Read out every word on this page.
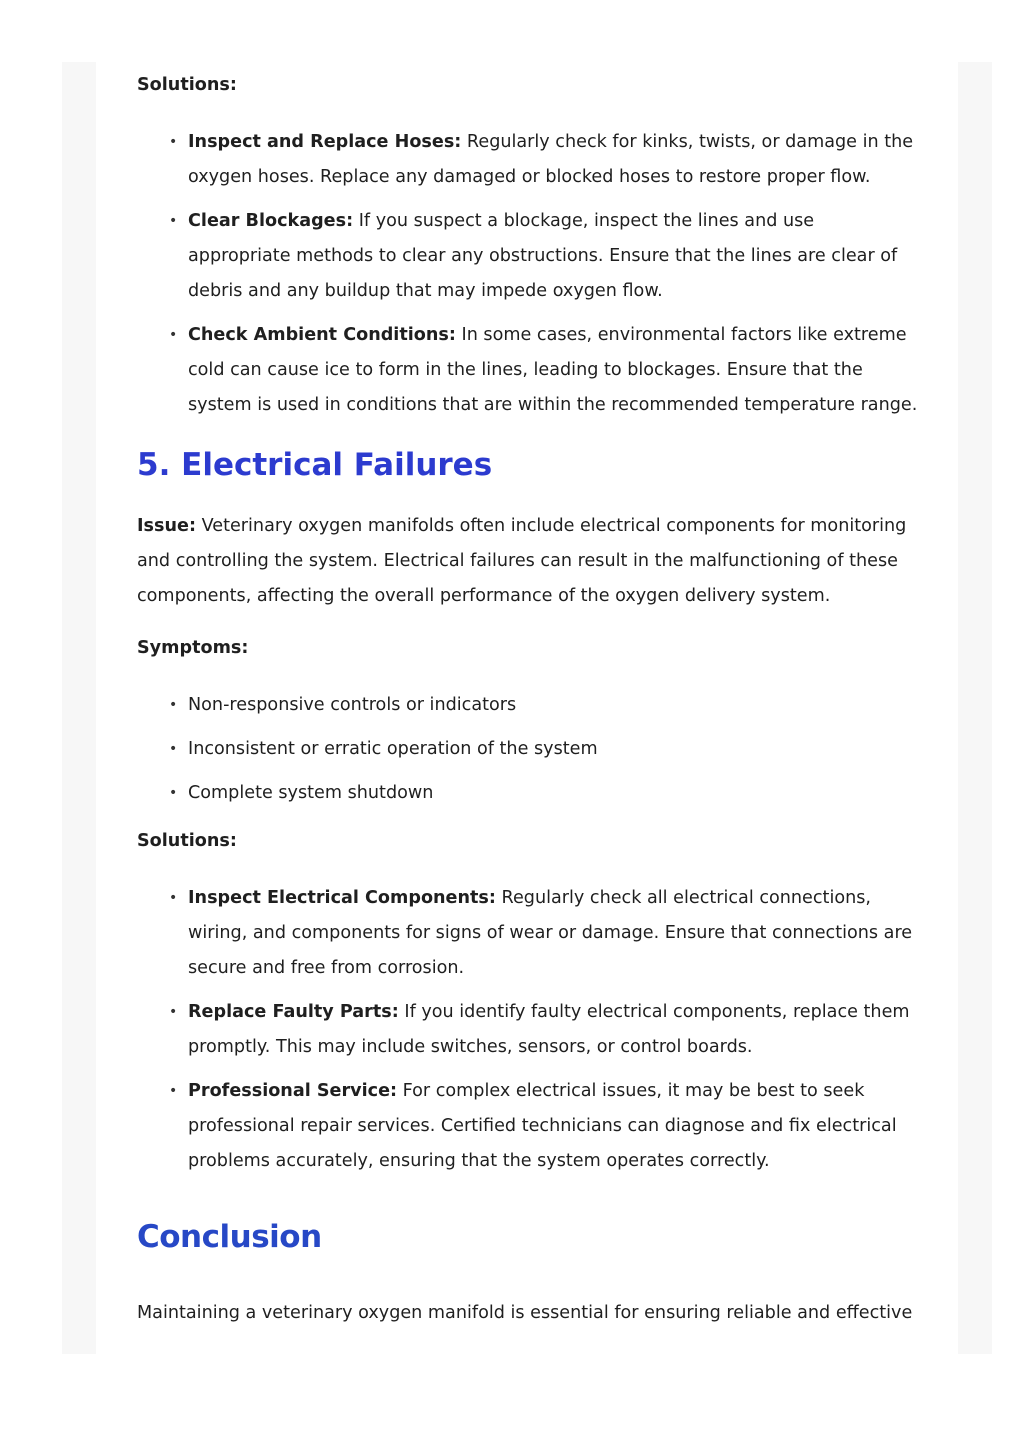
Solutions:

• Inspect and Replace Hoses: Regularly check for kinks, twists, or damage in the oxygen hoses. Replace any damaged or blocked hoses to restore proper flow.
• Clear Blockages: If you suspect a blockage, inspect the lines and use appropriate methods to clear any obstructions. Ensure that the lines are clear of debris and any buildup that may impede oxygen flow.
• Check Ambient Conditions: In some cases, environmental factors like extreme cold can cause ice to form in the lines, leading to blockages. Ensure that the system is used in conditions that are within the recommended temperature range.
5. Electrical Failures

Issue: Veterinary oxygen manifolds often include electrical components for monitoring and controlling the system. Electrical failures can result in the malfunctioning of these components, affecting the overall performance of the oxygen delivery system.

Symptoms:

• Non-responsive controls or indicators
• Inconsistent or erratic operation of the system
• Complete system shutdown

Solutions:

• Inspect Electrical Components: Regularly check all electrical connections, wiring, and components for signs of wear or damage. Ensure that connections are secure and free from corrosion.
• Replace Faulty Parts: If you identify faulty electrical components, replace them promptly. This may include switches, sensors, or control boards.
• Professional Service: For complex electrical issues, it may be best to seek professional repair services. Certified technicians can diagnose and fix electrical problems accurately, ensuring that the system operates correctly.
Conclusion

Maintaining a veterinary oxygen manifold is essential for ensuring reliable and effective
